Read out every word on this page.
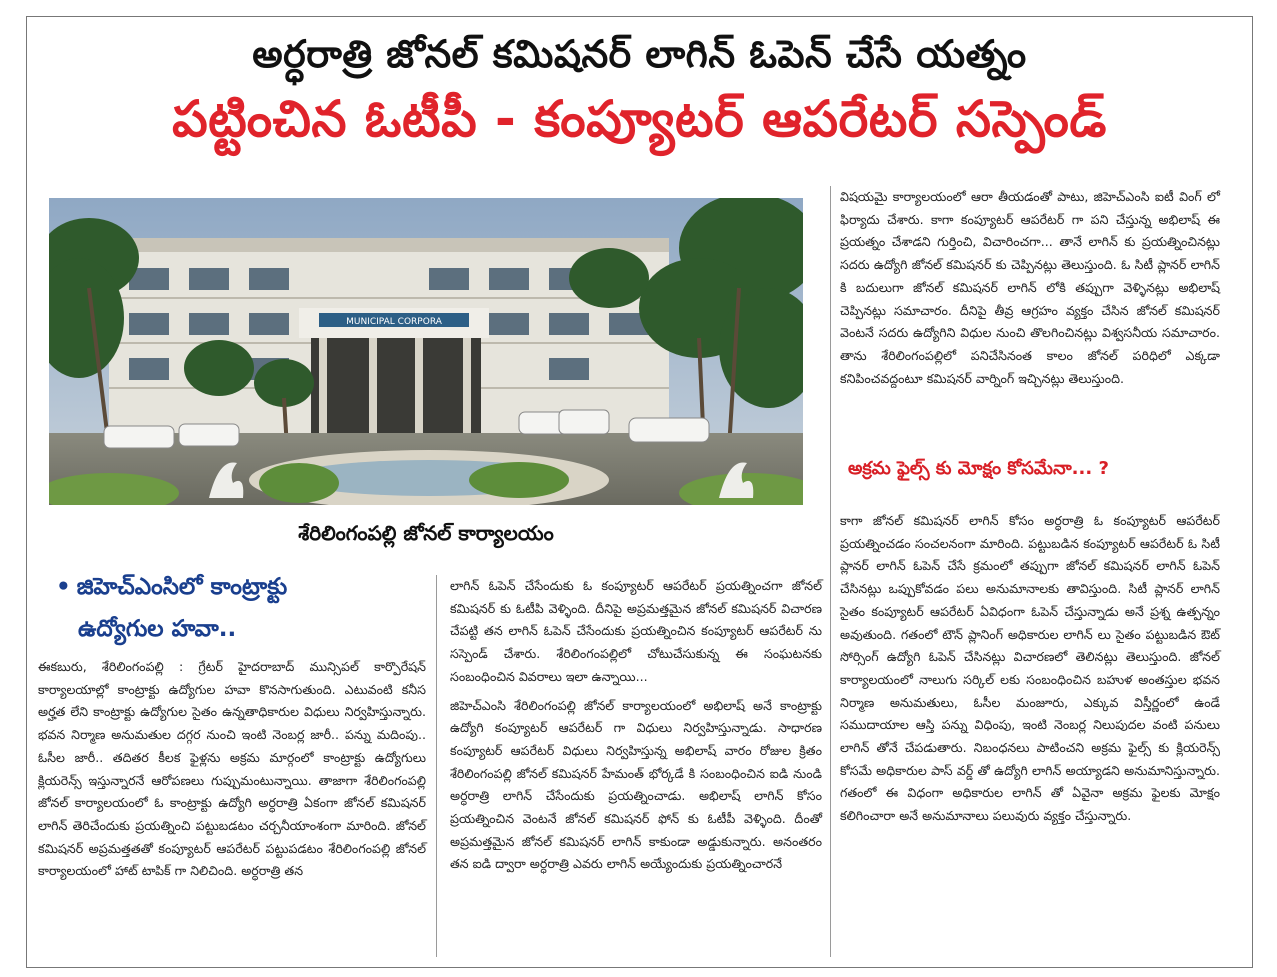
అర్ధరాత్రి జోనల్ కమిషనర్ లాగిన్ ఓపెన్ చేసే యత్నం
పట్టించిన ఓటీపీ - కంప్యూటర్ ఆపరేటర్ సస్పెండ్
MUNICIPAL CORPORA
శేరిలింగంపల్లి జోనల్ కార్యాలయం
• జిహెచ్ఎంసిలో కాంట్రాక్టు
ఉద్యోగుల హవా..

ఈకబురు, శేరిలింగంపల్లి : గ్రేటర్ హైదరాబాద్ మున్సిపల్ కార్పొరేషన్ కార్యాలయాల్లో కాంట్రాక్టు ఉద్యోగుల హవా కొనసాగుతుంది. ఎటువంటి కనీస అర్హత లేని కాంట్రాక్టు ఉద్యోగుల సైతం ఉన్నతాధికారుల విధులు నిర్వహిస్తున్నారు. భవన నిర్మాణ అనుమతుల దగ్గర నుంచి ఇంటి నెంబర్ల జారీ.. పన్ను మదింపు.. ఓసీల జారీ.. తదితర కీలక ఫైళ్లను అక్రమ మార్గంలో కాంట్రాక్టు ఉద్యోగులు క్లియరెన్స్ ఇస్తున్నారనే ఆరోపణలు గుప్పుమంటున్నాయి. తాజాగా శేరిలింగంపల్లి జోనల్ కార్యాలయంలో ఓ కాంట్రాక్టు ఉద్యోగి అర్ధరాత్రి ఏకంగా జోనల్ కమిషనర్ లాగిన్ తెరిచేందుకు ప్రయత్నించి పట్టుబడటం చర్చనీయాంశంగా మారింది. జోనల్ కమిషనర్ అప్రమత్తతతో కంప్యూటర్ ఆపరేటర్ పట్టుపడటం శేరిలింగంపల్లి జోనల్ కార్యాలయంలో హాట్ టాపిక్ గా నిలిచింది. అర్ధరాత్రి తన

లాగిన్ ఓపెన్ చేసేందుకు ఓ కంప్యూటర్ ఆపరేటర్ ప్రయత్నించగా జోనల్ కమిషనర్ కు ఓటీపి వెళ్ళింది. దీనిపై అప్రమత్తమైన జోనల్ కమిషనర్ విచారణ చేపట్టి తన లాగిన్ ఓపెన్ చేసేందుకు ప్రయత్నించిన కంప్యూటర్ ఆపరేటర్ ను సస్పెండ్ చేశారు. శేరిలింగంపల్లిలో చోటుచేసుకున్న ఈ సంఘటనకు సంబంధించిన వివరాలు ఇలా ఉన్నాయి...

జిహెచ్ఎంసి శేరిలింగంపల్లి జోనల్ కార్యాలయంలో అభిలాష్ అనే కాంట్రాక్టు ఉద్యోగి కంప్యూటర్ ఆపరేటర్ గా విధులు నిర్వహిస్తున్నాడు. సాధారణ కంప్యూటర్ ఆపరేటర్ విధులు నిర్వహిస్తున్న అభిలాష్ వారం రోజుల క్రితం శేరిలింగంపల్లి జోనల్ కమిషనర్ హేమంత్ భోర్కడే కి సంబంధించిన ఐడి నుండి అర్ధరాత్రి లాగిన్ చేసేందుకు ప్రయత్నించాడు. అభిలాష్ లాగిన్ కోసం ప్రయత్నించిన వెంటనే జోనల్ కమిషనర్ ఫోన్ కు ఓటీపీ వెళ్ళింది. దీంతో అప్రమత్తమైన జోనల్ కమిషనర్ లాగిన్ కాకుండా అడ్డుకున్నారు. అనంతరం తన ఐడి ద్వారా అర్ధరాత్రి ఎవరు లాగిన్ అయ్యేందుకు ప్రయత్నించారనే

విషయమై కార్యాలయంలో ఆరా తీయడంతో పాటు, జిహెచ్ఎంసి ఐటీ వింగ్ లో ఫిర్యాదు చేశారు. కాగా కంప్యూటర్ ఆపరేటర్ గా పని చేస్తున్న అభిలాష్ ఈ ప్రయత్నం చేశాడని గుర్తించి, విచారించగా... తానే లాగిన్ కు ప్రయత్నించినట్లు సదరు ఉద్యోగి జోనల్ కమిషనర్ కు చెప్పినట్లు తెలుస్తుంది. ఓ సిటీ ప్లానర్ లాగిన్ కి బదులుగా జోనల్ కమిషనర్ లాగిన్ లోకి తప్పుగా వెళ్ళినట్లు అభిలాష్ చెప్పినట్లు సమాచారం. దీనిపై తీవ్ర ఆగ్రహం వ్యక్తం చేసిన జోనల్ కమిషనర్ వెంటనే సదరు ఉద్యోగిని విధుల నుంచి తొలగించినట్లు విశ్వసనీయ సమాచారం. తాను శేరిలింగంపల్లిలో పనిచేసినంత కాలం జోనల్ పరిధిలో ఎక్కడా కనిపించవద్దంటూ కమిషనర్ వార్నింగ్ ఇచ్చినట్లు తెలుస్తుంది.

అక్రమ ఫైల్స్ కు మోక్షం కోసమేనా... ?

కాగా జోనల్ కమిషనర్ లాగిన్ కోసం అర్ధరాత్రి ఓ కంప్యూటర్ ఆపరేటర్ ప్రయత్నించడం సంచలనంగా మారింది. పట్టుబడిన కంప్యూటర్ ఆపరేటర్ ఓ సిటీ ప్లానర్ లాగిన్ ఓపెన్ చేసే క్రమంలో తప్పుగా జోనల్ కమిషనర్ లాగిన్ ఓపెన్ చేసినట్లు ఒప్పుకోవడం పలు అనుమానాలకు తావిస్తుంది. సిటీ ప్లానర్ లాగిన్ సైతం కంప్యూటర్ ఆపరేటర్ ఏవిధంగా ఓపెన్ చేస్తున్నాడు అనే ప్రశ్న ఉత్పన్నం అవుతుంది. గతంలో టౌన్ ప్లానింగ్ అధికారుల లాగిన్ లు సైతం పట్టుబడిన ఔట్ సోర్సింగ్ ఉద్యోగి ఓపెన్ చేసినట్లు విచారణలో తెలినట్లు తెలుస్తుంది. జోనల్ కార్యాలయంలో నాలుగు సర్కిల్ లకు సంబంధించిన బహుళ అంతస్తుల భవన నిర్మాణ అనుమతులు, ఓసీల మంజూరు, ఎక్కువ విస్తీర్ణంలో ఉండే సముదాయాల ఆస్తి పన్ను విధింపు, ఇంటి నెంబర్ల నిలుపుదల వంటి పనులు లాగిన్ తోనే చేపడుతారు. నిబంధనలు పాటించని అక్రమ ఫైల్స్ కు క్లియరెన్స్ కోసమే అధికారుల పాస్ వర్డ్ తో ఉద్యోగి లాగిన్ అయ్యాడని అనుమానిస్తున్నారు. గతంలో ఈ విధంగా అధికారుల లాగిన్ తో ఏవైనా అక్రమ ఫైలకు మోక్షం కలిగించారా అనే అనుమానాలు పలువురు వ్యక్తం చేస్తున్నారు.
